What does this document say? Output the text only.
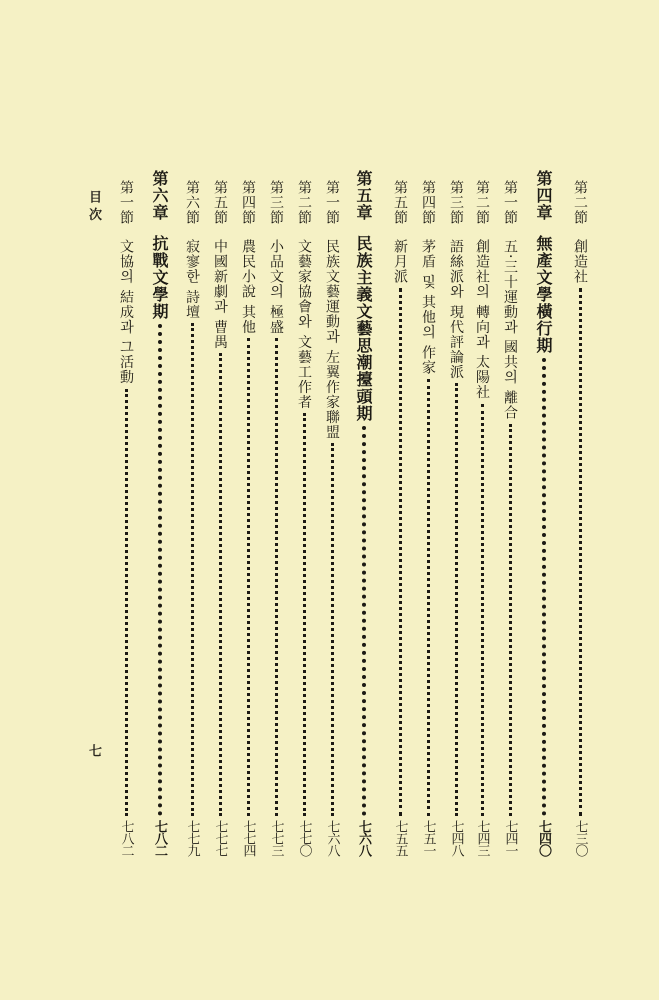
第二節
創造社
七三〇
第四章
無產文學橫行期
七四〇
第一節
五·三十運動과 國共의 離合
七四一
第二節
創造社의 轉向과 太陽社
七四三
第三節
語絲派와 現代評論派
七四八
第四節
茅盾 및 其他의 作家
七五一
第五節
新月派
七五五
第五章
民族主義文藝思潮擡頭期
七六八
第一節
民族文藝運動과 左翼作家聯盟
七六八
第二節
文藝家協會와 文藝工作者
七七〇
第三節
小品文의 極盛
七七三
第四節
農民小說 其他
七七四
第五節
中國新劇과 曹禺
七七七
第六節
寂寥한 詩壇
七七九
第六章
抗戰文學期
七八二
第一節
文協의 結成과 그活動
七八二
目 次
七
